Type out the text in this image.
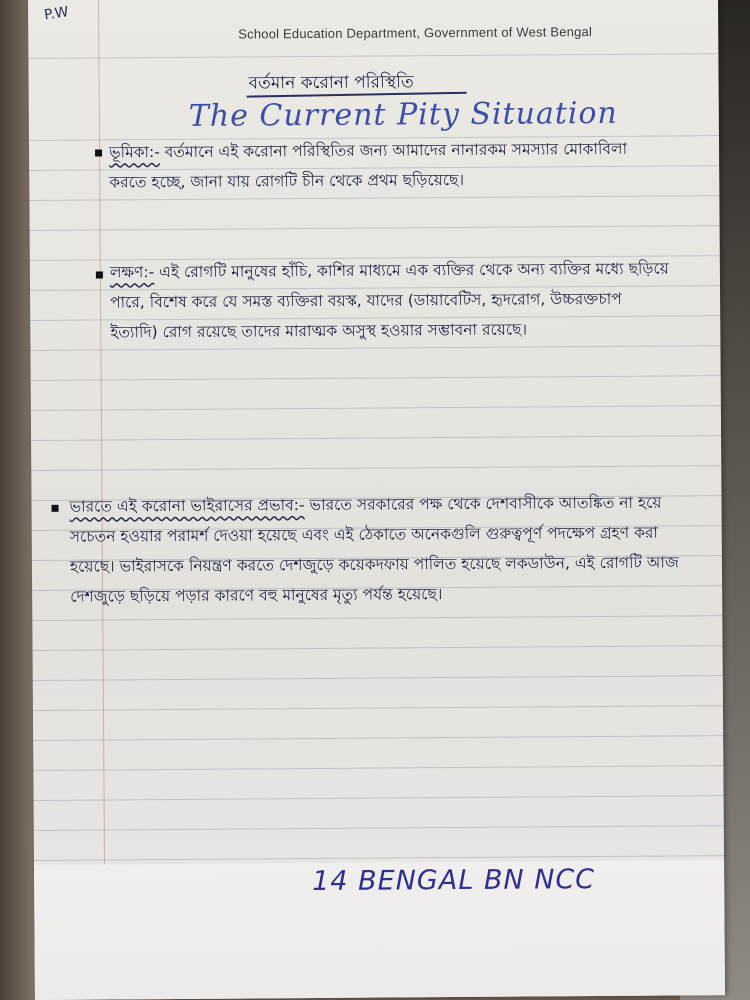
P.W
School Education Department, Government of West Bengal
বর্তমান করোনা পরিস্থিতি
The Current Pity Situation
ভূমিকা:- বর্তমানে এই করোনা পরিস্থিতির জন্য আমাদের নানারকম সমস্যার মোকাবিলা করতে হচ্ছে, জানা যায় রোগটি চীন থেকে প্রথম ছড়িয়েছে।
লক্ষণ:- এই রোগটি মানুষের হাঁচি, কাশির মাধ্যমে এক ব্যক্তির থেকে অন্য ব্যক্তির মধ্যে ছড়িয়ে পারে, বিশেষ করে যে সমস্ত ব্যক্তিরা বয়স্ক, যাদের (ডায়াবেটিস, হৃদরোগ, উচ্চরক্তচাপ ইত্যাদি) রোগ রয়েছে তাদের মারাত্মক অসুস্থ হওয়ার সম্ভাবনা রয়েছে।
ভারতে এই করোনা ভাইরাসের প্রভাব:- ভারতে সরকারের পক্ষ থেকে দেশবাসীকে আতঙ্কিত না হয়ে সচেতন হওয়ার পরামর্শ দেওয়া হয়েছে এবং এই ঠেকাতে অনেকগুলি গুরুত্বপূর্ণ পদক্ষেপ গ্রহণ করা হয়েছে। ভাইরাসকে নিয়ন্ত্রণ করতে দেশজুড়ে কয়েকদফায় পালিত হয়েছে লকডাউন, এই রোগটি আজ দেশজুড়ে ছড়িয়ে পড়ার কারণে বহু মানুষের মৃত্যু পর্যন্ত হয়েছে।
14 BENGAL BN NCC
